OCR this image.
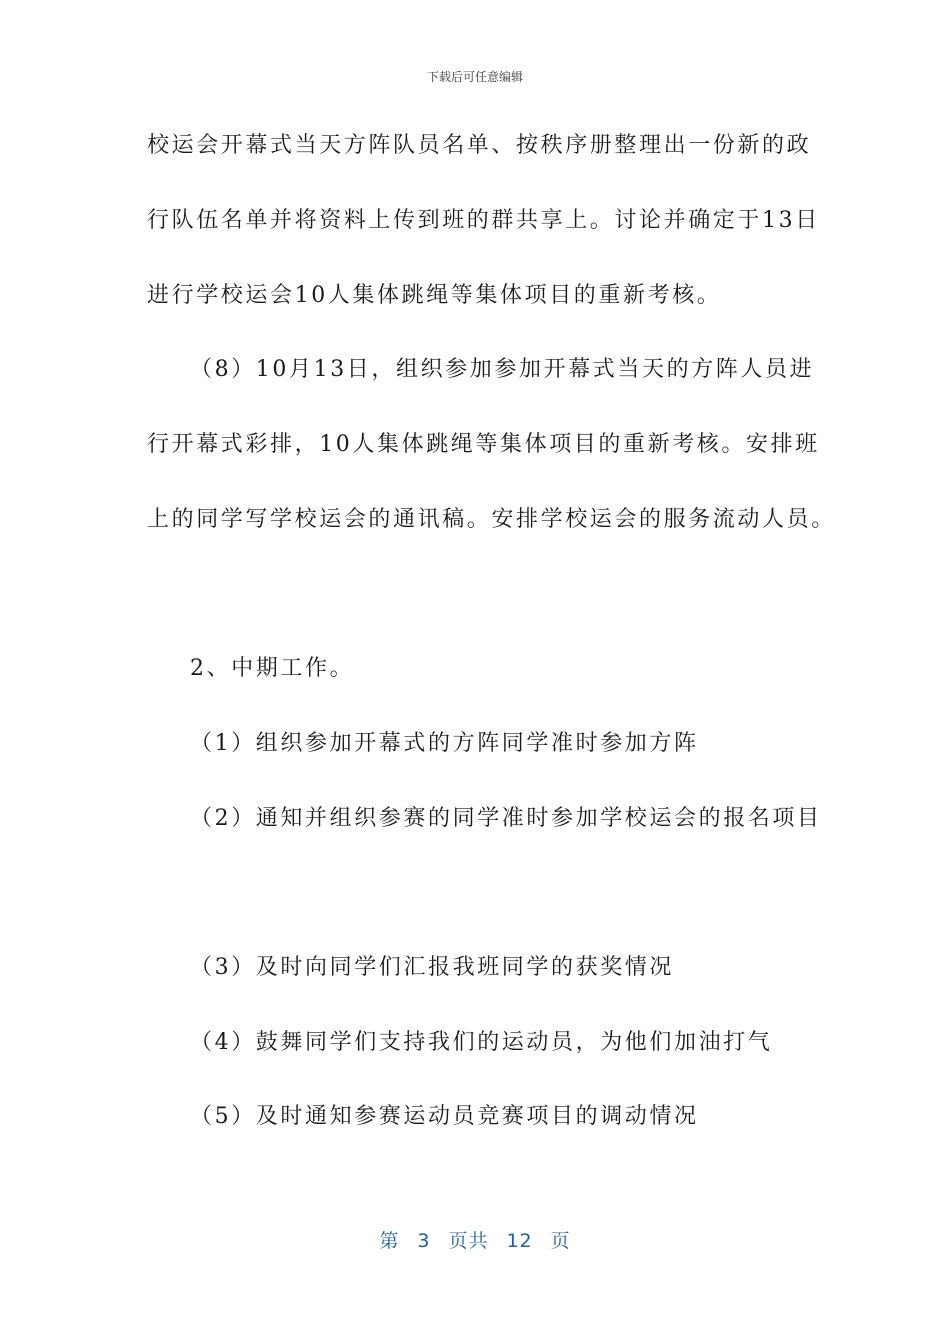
下载后可任意编辑
校运会开幕式当天方阵队员名单、按秩序册整理出一份新的政
行队伍名单并将资料上传到班的群共享上。讨论并确定于13日
进行学校运会10人集体跳绳等集体项目的重新考核。
（8）10月13日，组织参加参加开幕式当天的方阵人员进
行开幕式彩排，10人集体跳绳等集体项目的重新考核。安排班
上的同学写学校运会的通讯稿。安排学校运会的服务流动人员。
2、中期工作。
（1）组织参加开幕式的方阵同学准时参加方阵
（2）通知并组织参赛的同学准时参加学校运会的报名项目
（3）及时向同学们汇报我班同学的获奖情况
（4）鼓舞同学们支持我们的运动员，为他们加油打气
（5）及时通知参赛运动员竞赛项目的调动情况
第 3 页共 12 页
